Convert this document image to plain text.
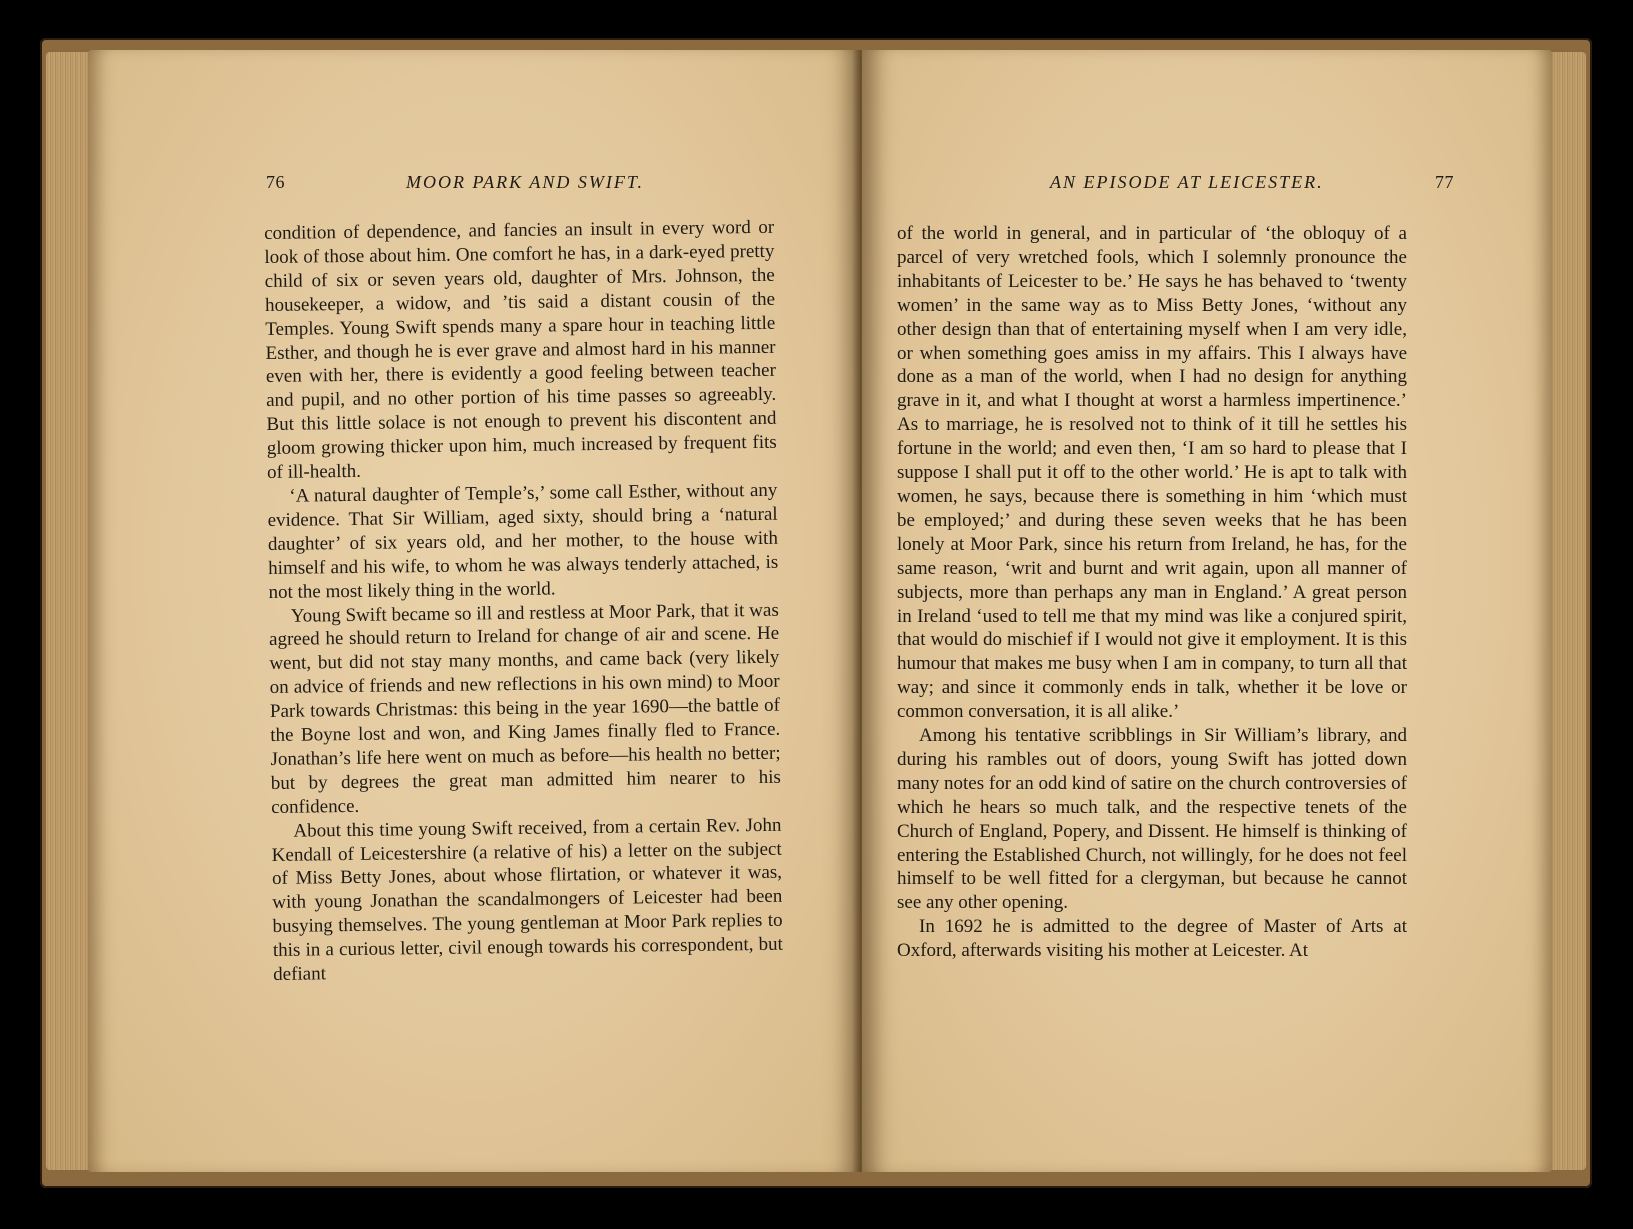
76	MOOR PARK AND SWIFT.

condition of dependence, and fancies an insult in every word or look of those about him. One comfort he has, in a dark-eyed pretty child of six or seven years old, daughter of Mrs. Johnson, the housekeeper, a widow, and ’tis said a distant cousin of the Temples. Young Swift spends many a spare hour in teaching little Esther, and though he is ever grave and almost hard in his manner even with her, there is evidently a good feeling between teacher and pupil, and no other portion of his time passes so agreeably. But this little solace is not enough to prevent his discontent and gloom growing thicker upon him, much increased by frequent fits of ill-health.

‘A natural daughter of Temple’s,’ some call Esther, without any evidence. That Sir William, aged sixty, should bring a ‘natural daughter’ of six years old, and her mother, to the house with himself and his wife, to whom he was always tenderly attached, is not the most likely thing in the world.

Young Swift became so ill and restless at Moor Park, that it was agreed he should return to Ireland for change of air and scene. He went, but did not stay many months, and came back (very likely on advice of friends and new reflections in his own mind) to Moor Park towards Christmas: this being in the year 1690—the battle of the Boyne lost and won, and King James finally fled to France. Jonathan’s life here went on much as before—his health no better; but by degrees the great man admitted him nearer to his confidence.

About this time young Swift received, from a certain Rev. John Kendall of Leicestershire (a relative of his) a letter on the subject of Miss Betty Jones, about whose flirtation, or whatever it was, with young Jonathan the scandalmongers of Leicester had been busying themselves. The young gentleman at Moor Park replies to this in a curious letter, civil enough towards his correspondent, but defiant

AN EPISODE AT LEICESTER.	77

of the world in general, and in particular of ‘the obloquy of a parcel of very wretched fools, which I solemnly pronounce the inhabitants of Leicester to be.’ He says he has behaved to ‘twenty women’ in the same way as to Miss Betty Jones, ‘without any other design than that of entertaining myself when I am very idle, or when something goes amiss in my affairs. This I always have done as a man of the world, when I had no design for anything grave in it, and what I thought at worst a harmless impertinence.’ As to marriage, he is resolved not to think of it till he settles his fortune in the world; and even then, ‘I am so hard to please that I suppose I shall put it off to the other world.’ He is apt to talk with women, he says, because there is something in him ‘which must be employed;’ and during these seven weeks that he has been lonely at Moor Park, since his return from Ireland, he has, for the same reason, ‘writ and burnt and writ again, upon all manner of subjects, more than perhaps any man in England.’ A great person in Ireland ‘used to tell me that my mind was like a conjured spirit, that would do mischief if I would not give it employment. It is this humour that makes me busy when I am in company, to turn all that way; and since it commonly ends in talk, whether it be love or common conversation, it is all alike.’

Among his tentative scribblings in Sir William’s library, and during his rambles out of doors, young Swift has jotted down many notes for an odd kind of satire on the church controversies of which he hears so much talk, and the respective tenets of the Church of England, Popery, and Dissent. He himself is thinking of entering the Established Church, not willingly, for he does not feel himself to be well fitted for a clergyman, but because he cannot see any other opening.

In 1692 he is admitted to the degree of Master of Arts at Oxford, afterwards visiting his mother at Leicester. At
